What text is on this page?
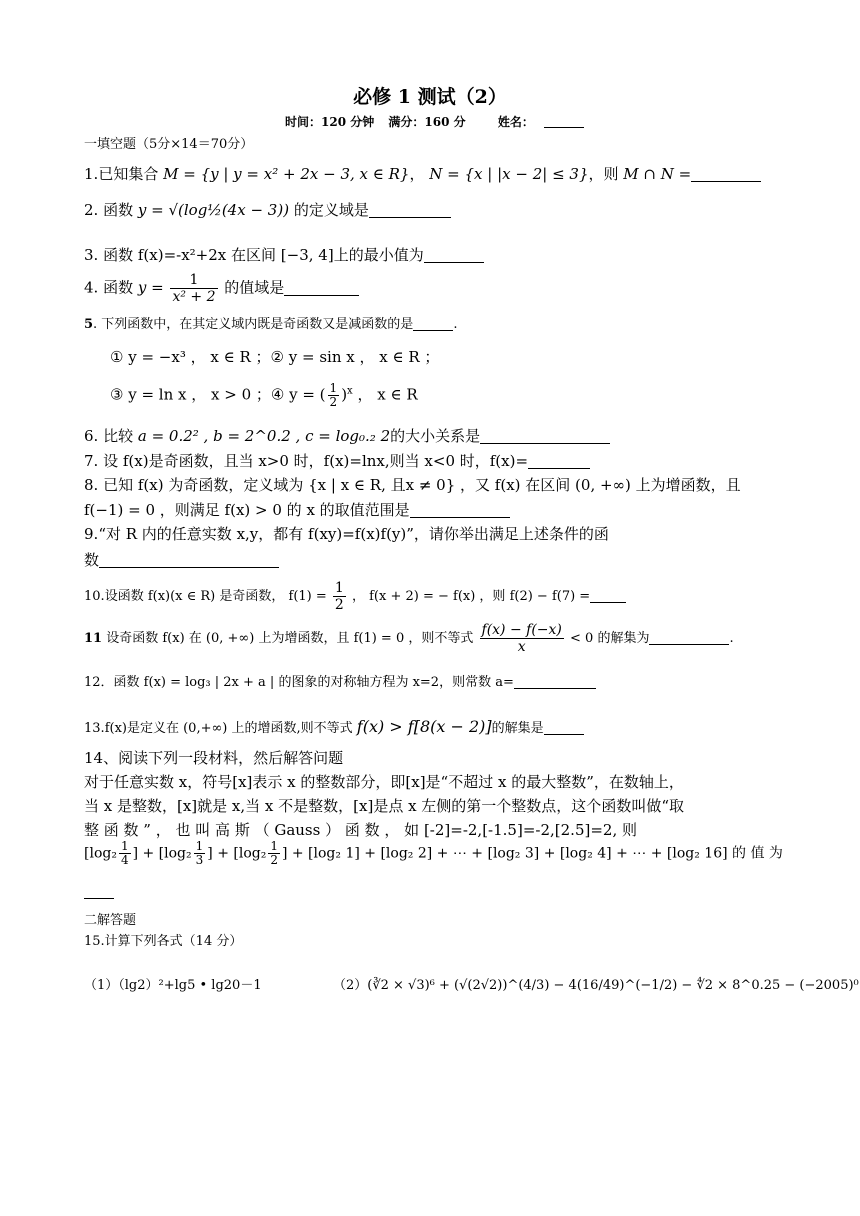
必修 1 测试（2）
时间：120 分钟 满分：160 分	姓名：
一填空题（5分×14＝70分）
1.已知集合 M = {y | y = x² + 2x − 3, x ∈ R}， N = {x | |x − 2| ≤ 3}，则 M ∩ N =
2. 函数 y = √(log½(4x − 3)) 的定义域是
3. 函数 f(x)=-x²+2x 在区间 [−3, 4]上的最小值为
4. 函数 $y = \frac{1}{\text{x² + 2}}$ 的值域是
5. 下列函数中，在其定义域内既是奇函数又是减函数的是	.
① y = −x³ ， x ∈ R ；② y = sin x ， x ∈ R ；
③ y = ln x ， x > 0 ；④ y = ( $\frac{1}{2} )^x$ ， x ∈ R
6. 比较 a = 0.2² , b = 2^0.2 , c = log₀.₂ 2的大小关系是
7. 设 f(x)是奇函数，且当 x>0 时，f(x)=lnx,则当 x<0 时，f(x)=
8. 已知 f(x) 为奇函数，定义域为 {x | x ∈ R, 且x ≠ 0} ，又 f(x) 在区间 (0, +∞) 上为增函数，且
f(−1) = 0 ，则满足 f(x) > 0 的 x 的取值范围是
9.“对 R 内的任意实数 x,y，都有 f(xy)=f(x)f(y)”，请你举出满足上述条件的函
数
10.设函数 f(x)(x ∈ R) 是奇函数， $f(1) = \frac{1}{2}$ ， f(x + 2) = − f(x) ，则 f(2) − f(7) =
11 设奇函数 f(x) 在 (0, +∞) 上为增函数，且 f(1) = 0 ，则不等式 $\frac{f(x) - f(-x)}{x} < 0$ 的解集为	.
12．函数 f(x) = log₃ | 2x + a | 的图象的对称轴方程为 x=2，则常数 a=
13.f(x)是定义在 (0,+∞) 上的增函数,则不等式 f(x) > f[8(x − 2)]的解集是
14、阅读下列一段材料，然后解答问题
对于任意实数 x，符号[x]表示 x 的整数部分，即[x]是“不超过 x 的最大整数”，在数轴上，
当 x 是整数，[x]就是 x,当 x 不是整数，[x]是点 x 左侧的第一个整数点，这个函数叫做“取
整 函 数 ” ， 也 叫 高 斯 （ Gauss ） 函 数 ， 如 [-2]=-2,[-1.5]=-2,[2.5]=2, 则
[$\log_2 \frac{1}{4}$ ] + [$\log_2 \frac{1}{3}$ ] + [$\log_2 \frac{1}{2}$ ] + [log₂ 1] + [log₂ 2] + ⋯ + [log₂ 3] + [log₂ 4] + ⋯ + [log₂ 16] 的 值 为
二解答题
15.计算下列各式（14 分）
（1）（lg2）²+lg5 • lg20－1	（2）(∛2 × √3)⁶ + (√(2√2))^(4/3) − 4(16/49)^(−1/2) − ∜2 × 8^0.25 − (−2005)⁰
